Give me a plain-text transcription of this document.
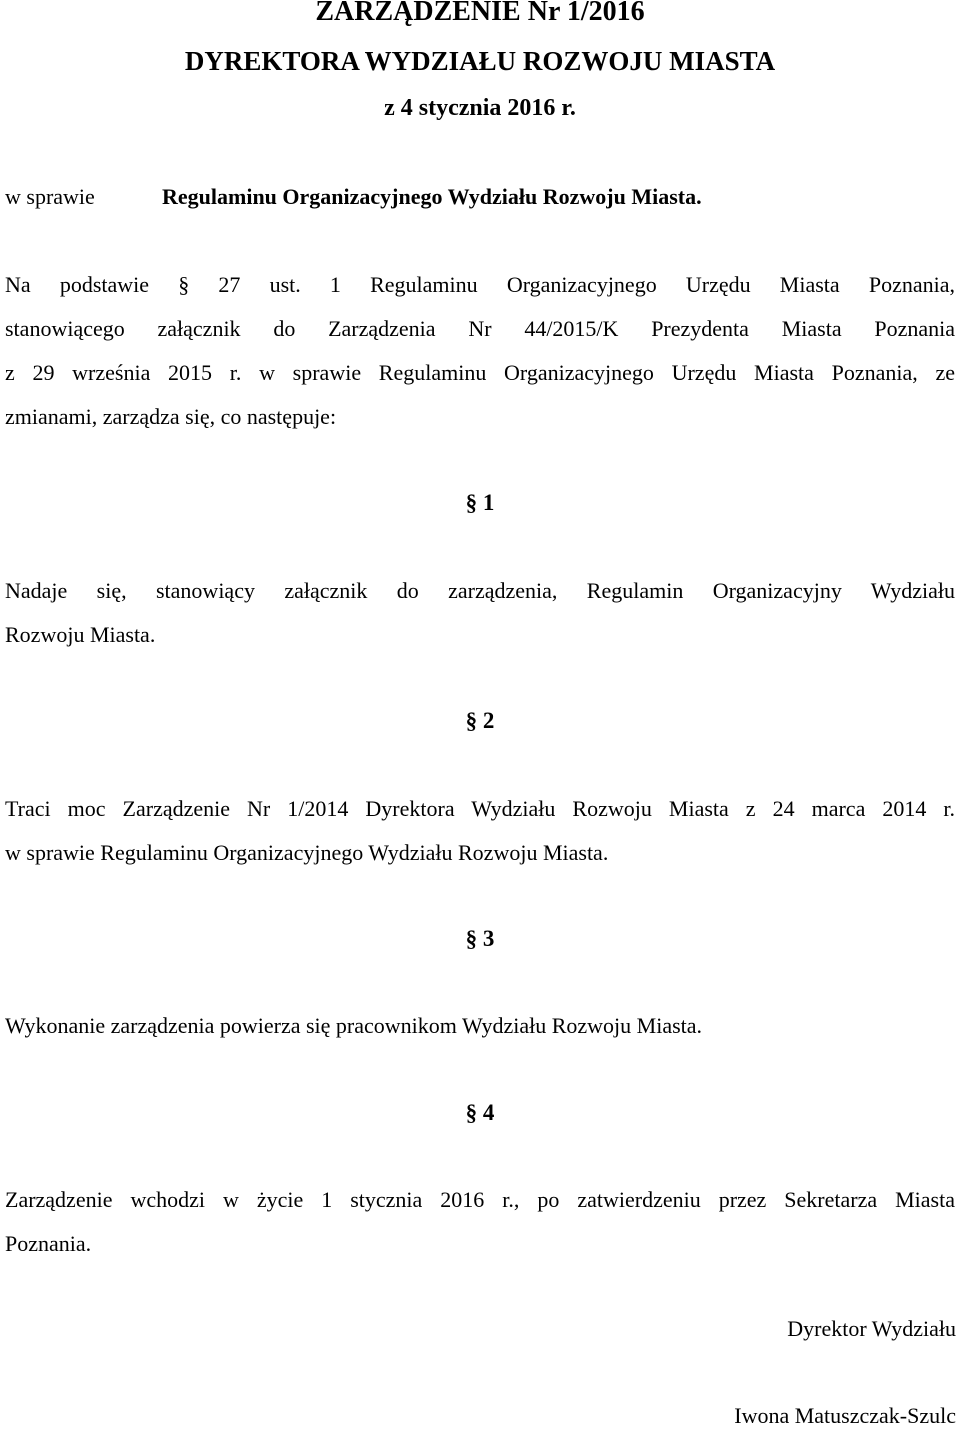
ZARZĄDZENIE Nr 1/2016
DYREKTORA WYDZIAŁU ROZWOJU MIASTA
z 4 stycznia 2016 r.
w sprawie	Regulaminu Organizacyjnego Wydziału Rozwoju Miasta.
Na podstawie § 27 ust. 1 Regulaminu Organizacyjnego Urzędu Miasta Poznania,
stanowiącego załącznik do Zarządzenia Nr 44/2015/K Prezydenta Miasta Poznania
z 29 września 2015 r. w sprawie Regulaminu Organizacyjnego Urzędu Miasta Poznania, ze
zmianami, zarządza się, co następuje:
§ 1
Nadaje się, stanowiący załącznik do zarządzenia, Regulamin Organizacyjny Wydziału
Rozwoju Miasta.
§ 2
Traci moc Zarządzenie Nr 1/2014 Dyrektora Wydziału Rozwoju Miasta z 24 marca 2014 r.
w sprawie Regulaminu Organizacyjnego Wydziału Rozwoju Miasta.
§ 3
Wykonanie zarządzenia powierza się pracownikom Wydziału Rozwoju Miasta.
§ 4
Zarządzenie wchodzi w życie 1 stycznia 2016 r., po zatwierdzeniu przez Sekretarza Miasta
Poznania.
Dyrektor Wydziału
Iwona Matuszczak-Szulc
